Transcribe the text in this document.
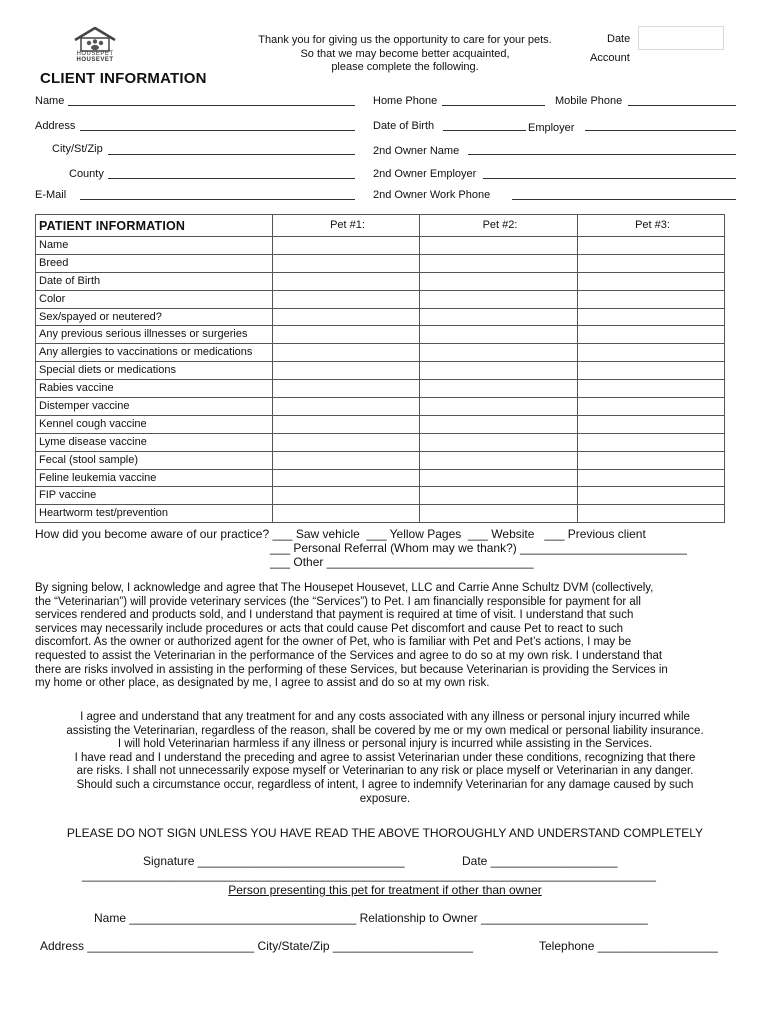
HOUSEPET
HOUSEVET
Thank you for giving us the opportunity to care for your pets.
So that we may become better acquainted,
please complete the following.
Date
Account
CLIENT INFORMATION
Name
Address
City/St/Zip
County
E-Mail
Home Phone	Mobile Phone
Date of Birth	Employer
2nd Owner Name
2nd Owner Employer
2nd Owner Work Phone
PATIENT INFORMATION	Pet #1:	Pet #2:	Pet #3:
Name			
Breed			
Date of Birth			
Color			
Sex/spayed or neutered?			
Any previous serious illnesses or surgeries			
Any allergies to vaccinations or medications			
Special diets or medications			
Rabies vaccine			
Distemper vaccine			
Kennel cough vaccine			
Lyme disease vaccine			
Fecal (stool sample)			
Feline leukemia vaccine			
FIP vaccine			
Heartworm test/prevention			
How did you become aware of our practice? ___ Saw vehicle  ___ Yellow Pages  ___ Website   ___ Previous client
___ Personal Referral (Whom may we thank?) _________________________
___ Other _______________________________
By signing below, I acknowledge and agree that The Housepet Housevet, LLC and Carrie Anne Schultz DVM (collectively,
the “Veterinarian”) will provide veterinary services (the “Services”) to Pet. I am financially responsible for payment for all
services rendered and products sold, and I understand that payment is required at time of visit. I understand that such
services may necessarily include procedures or acts that could cause Pet discomfort and cause Pet to react to such
discomfort. As the owner or authorized agent for the owner of Pet, who is familiar with Pet and Pet’s actions, I may be
requested to assist the Veterinarian in the performance of the Services and agree to do so at my own risk. I understand that
there are risks involved in assisting in the performing of these Services, but because Veterinarian is providing the Services in
my home or other place, as designated by me, I agree to assist and do so at my own risk.
I agree and understand that any treatment for and any costs associated with any illness or personal injury incurred while
assisting the Veterinarian, regardless of the reason, shall be covered by me or my own medical or personal liability insurance.
I will hold Veterinarian harmless if any illness or personal injury is incurred while assisting in the Services.
I have read and I understand the preceding and agree to assist Veterinarian under these conditions, recognizing that there
are risks. I shall not unnecessarily expose myself or Veterinarian to any risk or place myself or Veterinarian in any danger.
Should such a circumstance occur, regardless of intent, I agree to indemnify Veterinarian for any damage caused by such
exposure.
PLEASE DO NOT SIGN UNLESS YOU HAVE READ THE ABOVE THOROUGHLY AND UNDERSTAND COMPLETELY
Signature _______________________________	Date ___________________
______________________________________________________________________________________
Person presenting this pet for treatment if other than owner
Name __________________________________ Relationship to Owner _________________________
Address _________________________ City/State/Zip _____________________	Telephone __________________
